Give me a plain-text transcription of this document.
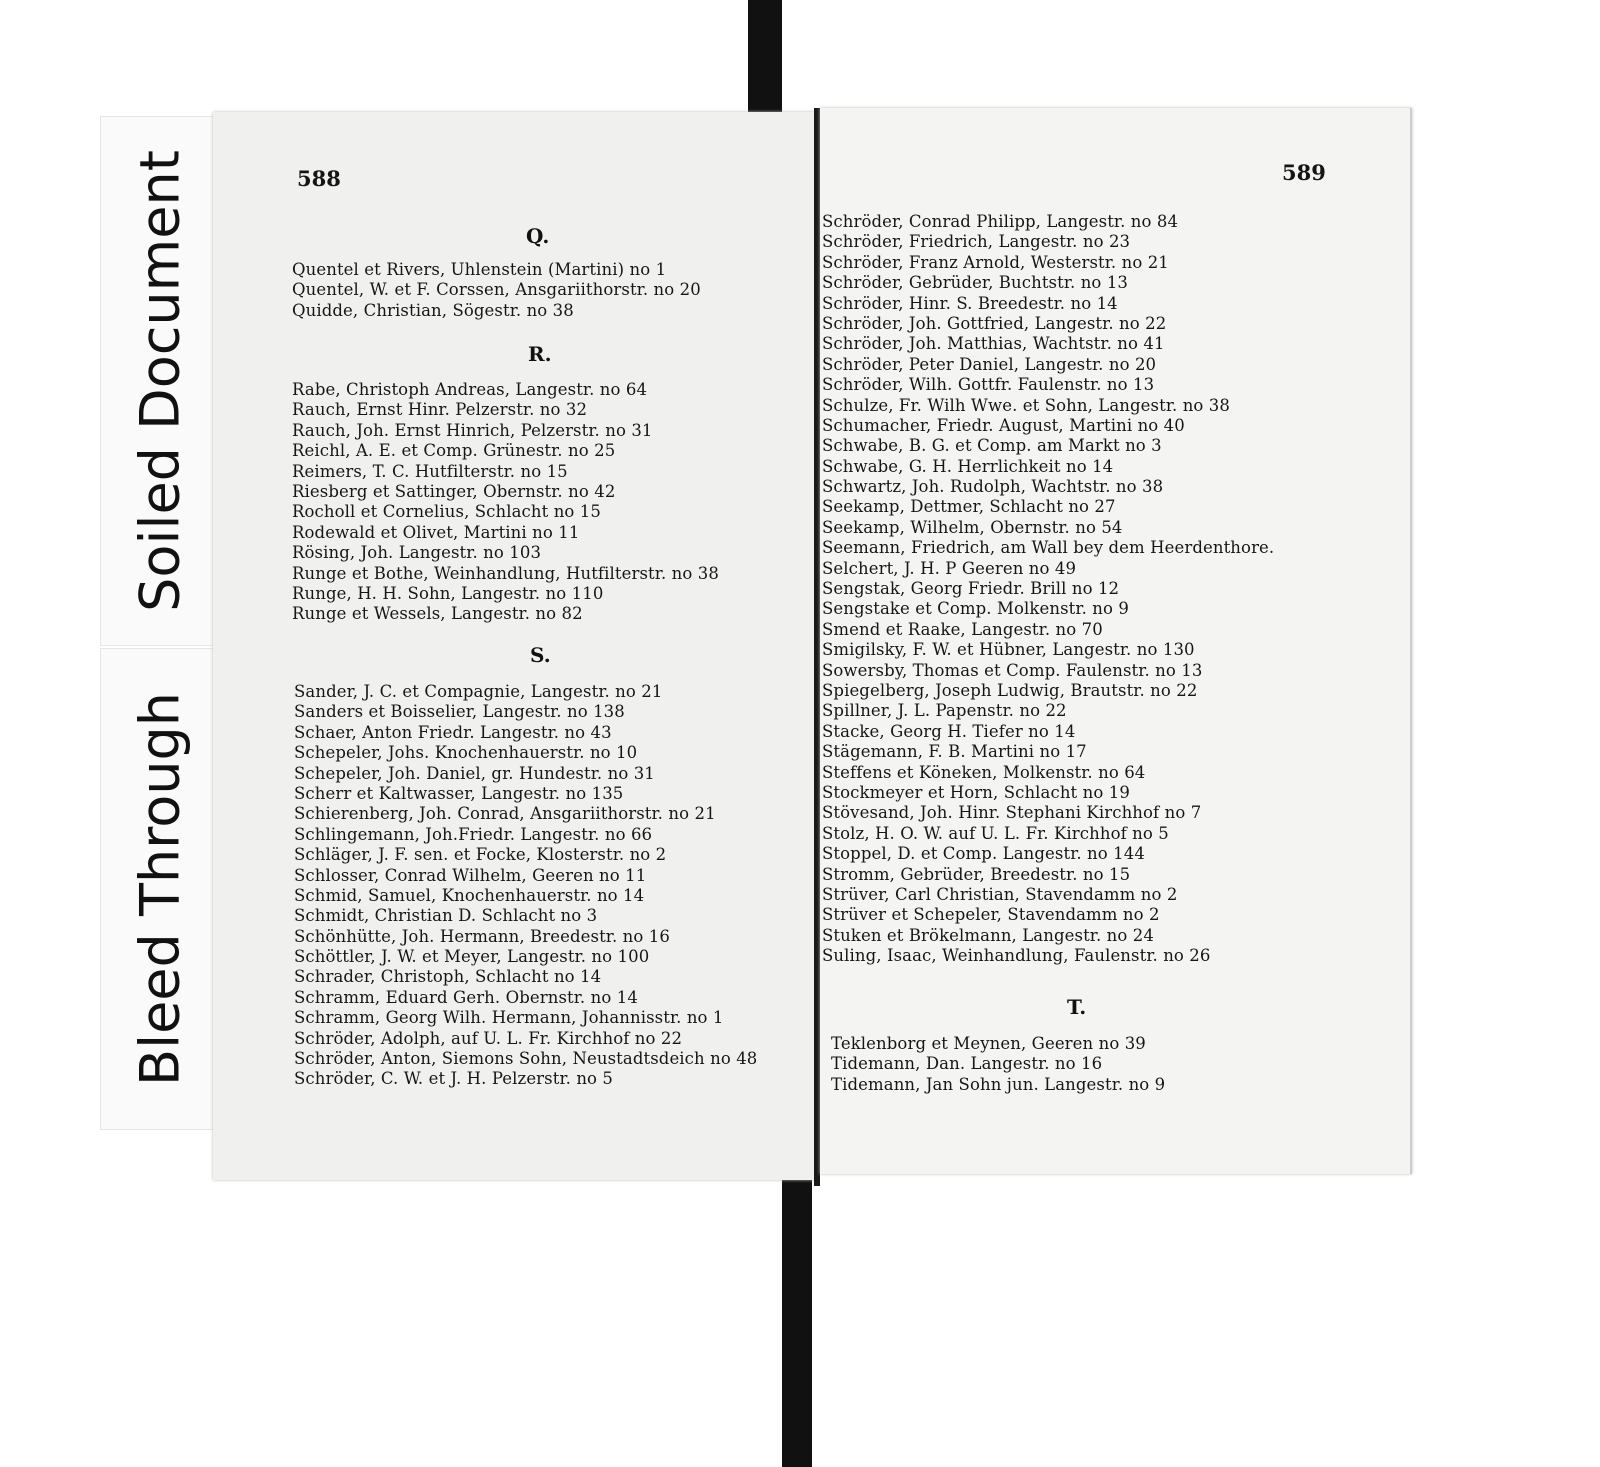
Soiled Document
Bleed Through
588
Q.
Quentel et Rivers, Uhlenstein (Martini) no 1
Quentel, W. et F. Corssen, Ansgariithorstr. no 20
Quidde, Christian, Sögestr. no 38
R.
Rabe, Christoph Andreas, Langestr. no 64
Rauch, Ernst Hinr. Pelzerstr. no 32
Rauch, Joh. Ernst Hinrich, Pelzerstr. no 31
Reichl, A. E. et Comp. Grünestr. no 25
Reimers, T. C. Hutfilterstr. no 15
Riesberg et Sattinger, Obernstr. no 42
Rocholl et Cornelius, Schlacht no 15
Rodewald et Olivet, Martini no 11
Rösing, Joh. Langestr. no 103
Runge et Bothe, Weinhandlung, Hutfilterstr. no 38
Runge, H. H. Sohn, Langestr. no 110
Runge et Wessels, Langestr. no 82
S.
Sander, J. C. et Compagnie, Langestr. no 21
Sanders et Boisselier, Langestr. no 138
Schaer, Anton Friedr. Langestr. no 43
Schepeler, Johs. Knochenhauerstr. no 10
Schepeler, Joh. Daniel, gr. Hundestr. no 31
Scherr et Kaltwasser, Langestr. no 135
Schierenberg, Joh. Conrad, Ansgariithorstr. no 21
Schlingemann, Joh.Friedr. Langestr. no 66
Schläger, J. F. sen. et Focke, Klosterstr. no 2
Schlosser, Conrad Wilhelm, Geeren no 11
Schmid, Samuel, Knochenhauerstr. no 14
Schmidt, Christian D. Schlacht no 3
Schönhütte, Joh. Hermann, Breedestr. no 16
Schöttler, J. W. et Meyer, Langestr. no 100
Schrader, Christoph, Schlacht no 14
Schramm, Eduard Gerh. Obernstr. no 14
Schramm, Georg Wilh. Hermann, Johannisstr. no 1
Schröder, Adolph, auf U. L. Fr. Kirchhof no 22
Schröder, Anton, Siemons Sohn, Neustadtsdeich no 48
Schröder, C. W. et J. H. Pelzerstr. no 5
589
Schröder, Conrad Philipp, Langestr. no 84
Schröder, Friedrich, Langestr. no 23
Schröder, Franz Arnold, Westerstr. no 21
Schröder, Gebrüder, Buchtstr. no 13
Schröder, Hinr. S. Breedestr. no 14
Schröder, Joh. Gottfried, Langestr. no 22
Schröder, Joh. Matthias, Wachtstr. no 41
Schröder, Peter Daniel, Langestr. no 20
Schröder, Wilh. Gottfr. Faulenstr. no 13
Schulze, Fr. Wilh Wwe. et Sohn, Langestr. no 38
Schumacher, Friedr. August, Martini no 40
Schwabe, B. G. et Comp. am Markt no 3
Schwabe, G. H. Herrlichkeit no 14
Schwartz, Joh. Rudolph, Wachtstr. no 38
Seekamp, Dettmer, Schlacht no 27
Seekamp, Wilhelm, Obernstr. no 54
Seemann, Friedrich, am Wall bey dem Heerdenthore.
Selchert, J. H. P Geeren no 49
Sengstak, Georg Friedr. Brill no 12
Sengstake et Comp. Molkenstr. no 9
Smend et Raake, Langestr. no 70
Smigilsky, F. W. et Hübner, Langestr. no 130
Sowersby, Thomas et Comp. Faulenstr. no 13
Spiegelberg, Joseph Ludwig, Brautstr. no 22
Spillner, J. L. Papenstr. no 22
Stacke, Georg H. Tiefer no 14
Stägemann, F. B. Martini no 17
Steffens et Köneken, Molkenstr. no 64
Stockmeyer et Horn, Schlacht no 19
Stövesand, Joh. Hinr. Stephani Kirchhof no 7
Stolz, H. O. W. auf U. L. Fr. Kirchhof no 5
Stoppel, D. et Comp. Langestr. no 144
Stromm, Gebrüder, Breedestr. no 15
Strüver, Carl Christian, Stavendamm no 2
Strüver et Schepeler, Stavendamm no 2
Stuken et Brökelmann, Langestr. no 24
Suling, Isaac, Weinhandlung, Faulenstr. no 26
T.
Teklenborg et Meynen, Geeren no 39
Tidemann, Dan. Langestr. no 16
Tidemann, Jan Sohn jun. Langestr. no 9
